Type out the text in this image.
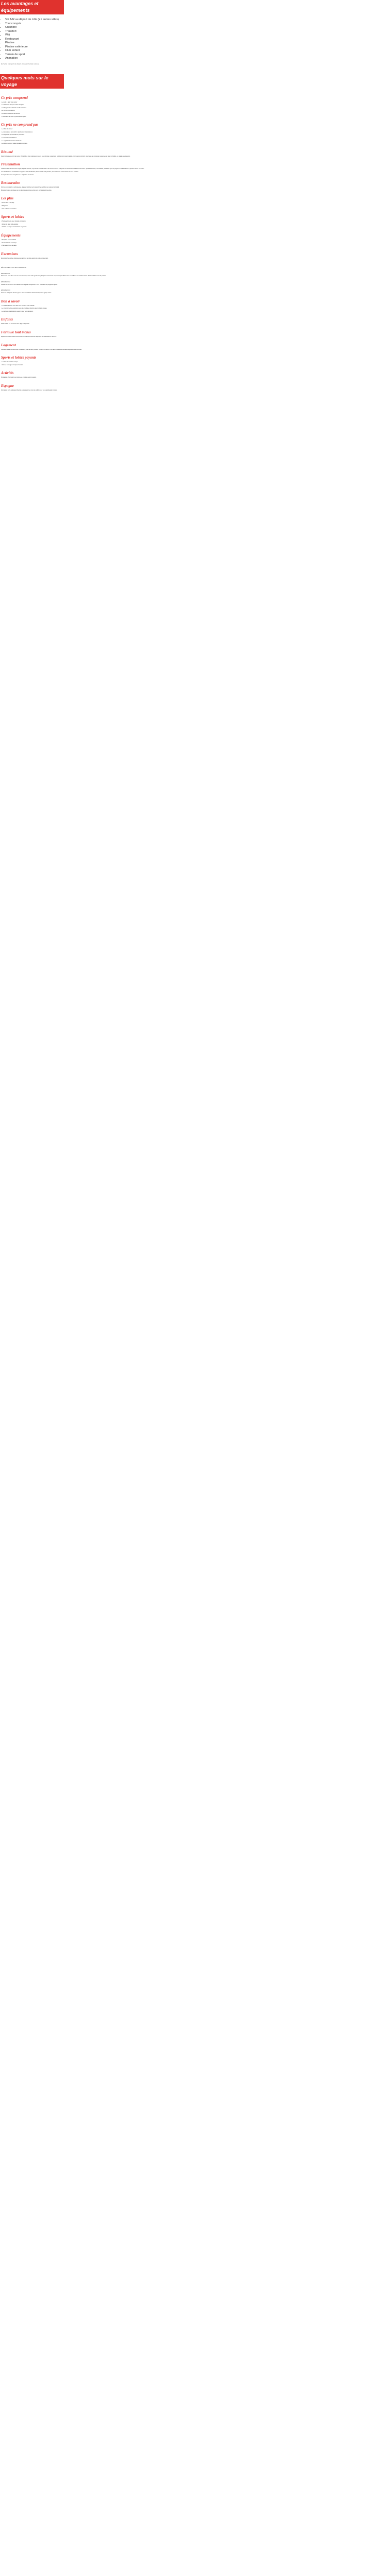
Les avantages et équipements
▪ Vol A/R au départ de Lille (+1 autres villes)
▪ Tout compris
▪ Chambre
▪ Transfert
▪ Wifi
▪ Restaurant
▪ Piscine
▪ Piscine extérieure
▪ Club enfant
▪ Terrain de sport
▪ Animation
(1) Selon l'aéroport de départ et suivant la date retenue.
Quelques mots sur le voyage
Ce prix comprend

- Les vols à l'aller et au retour

- Les transferts aéroport / hôtel / aéroport

- L'hébergement en chambre double standard

- La formule tout compris

- Les taxes aéroport et de sécurité

- L'assistance de notre représentant sur place

Ce prix ne comprend pas

- Les frais de dossier

- Les assurances (annulation, rapatriement et assistance)

- Les dépenses personnelles et pourboires

- Les excursions facultatives

- Le supplément chambre individuelle

- Les taxes de séjour locales payables sur place

Résumé

Séjour balnéaire au bord de la mer. Profitez d'un hôtel entièrement équipé avec piscines, restaurants, activités pour toute la famille et formule tout compris. Idéal pour des vacances reposantes au soleil en famille, en couple ou entre amis.

Présentation

L'hôtel est situé au bord d'une longue plage de sable fin, à proximité du centre-ville et de ses commerces. Il dispose de nombreuses installations de loisirs : piscine extérieure, club enfants, terrains de sport et programme d'animations en journée comme en soirée.

Les chambres sont confortables et équipées de la climatisation, d'une salle de bain privative, d'une télévision et d'un balcon ou d'une terrasse.

Un espace bien-être est également à disposition des clients.

Restauration

Formule tout compris : petit-déjeuner, déjeuner et dîner servis sous forme de buffet au restaurant principal.

Boissons locales alcoolisées et non alcoolisées servies au bar selon les horaires d'ouverture.

Les plus

- Accès direct à la plage

- Wifi gratuit

- Club enfants et animations

Sports et loisirs

- Piscine extérieure avec transats et parasols

- Terrain de sport multi-activités

- Activités aquatiques et animations en journée

Équipements

- Réception ouverte 24h/24

- Restaurant, bar et boutique

- Prêt de serviettes de plage

Excursions

Excursions facultatives proposées et payables sur place auprès de notre représentant.

DÉCOUVERTE & EXCURSIONS
EXCURSION 1

Découverte de la ville et de son centre historique avec visite guidée des principaux monuments. Temps libre pour flâner dans les ruelles et les marchés locaux. Retour à l'hôtel en fin de journée.

EXCURSION 2

Journée en mer à bord d'un bateau avec baignade et déjeuner à bord. Possibilité de plongée en apnée.

EXCURSION 3

Visite des villages de l'arrière-pays et de leurs traditions artisanales. Déjeuner typique inclus.

Bon à savoir

- Les informations de cette fiche sont données à titre indicatif.

- Le programme des excursions peut être modifié en fonction des conditions locales.

- Les activités et animations peuvent varier selon la saison.

Enfants

Tarifs enfants sur demande selon l'âge et la période.

Formule tout inclus

Repas et boissons locales inclus selon les horaires d'ouverture des points de restauration et des bars.

Logement

Chambre double standard avec climatisation, salle de bain privative, télévision et balcon ou terrasse. Chambres familiales disponibles sur demande.

Sports et loisirs payants

- Location de matériel nautique

- Soins et massages à l'espace bien-être

Activités

Programme d'animations en journée et en soirée selon la saison.

Espagne

Formalités : carte nationale d'identité ou passeport en cours de validité pour les ressortissants français.
